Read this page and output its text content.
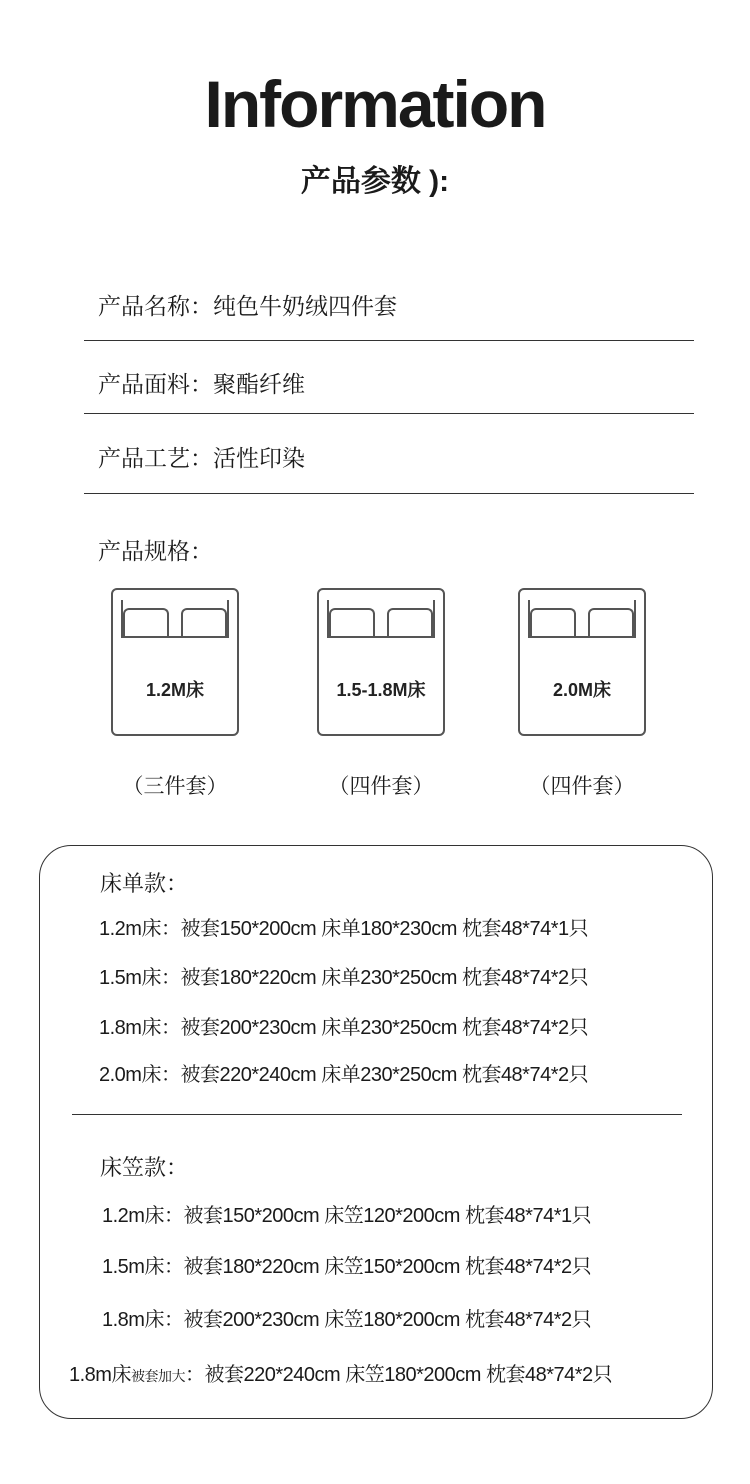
Information
产品参数 ):
产品名称：纯色牛奶绒四件套
产品面料：聚酯纤维
产品工艺：活性印染
产品规格：
1.2M床	1.5-1.8M床	2.0M床
（三件套）	（四件套）	（四件套）
床单款：
1.2m床：被套150*200cm 床单180*230cm 枕套48*74*1只
1.5m床：被套180*220cm 床单230*250cm 枕套48*74*2只
1.8m床：被套200*230cm 床单230*250cm 枕套48*74*2只
2.0m床：被套220*240cm 床单230*250cm 枕套48*74*2只
床笠款：
1.2m床：被套150*200cm 床笠120*200cm 枕套48*74*1只
1.5m床：被套180*220cm 床笠150*200cm 枕套48*74*2只
1.8m床：被套200*230cm 床笠180*200cm 枕套48*74*2只
1.8m床被套加大：被套220*240cm 床笠180*200cm 枕套48*74*2只
